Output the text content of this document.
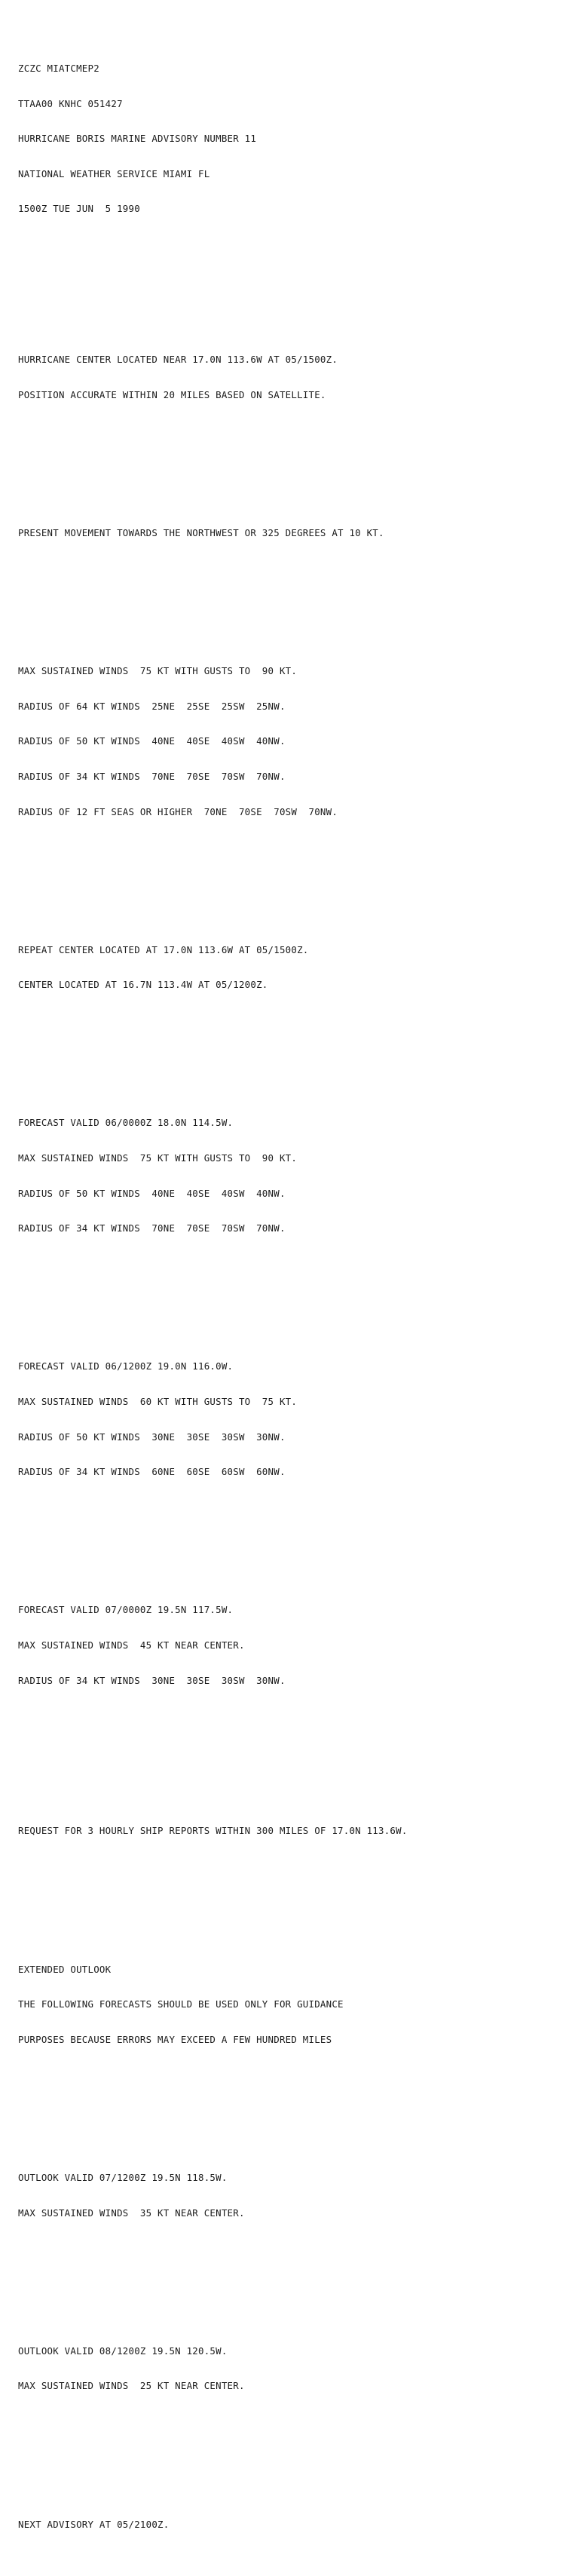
ZCZC MIATCMEP2

TTAA00 KNHC 051427

HURRICANE BORIS MARINE ADVISORY NUMBER 11

NATIONAL WEATHER SERVICE MIAMI FL

1500Z TUE JUN  5 1990

HURRICANE CENTER LOCATED NEAR 17.0N 113.6W AT 05/1500Z.

POSITION ACCURATE WITHIN 20 MILES BASED ON SATELLITE.

PRESENT MOVEMENT TOWARDS THE NORTHWEST OR 325 DEGREES AT 10 KT.

MAX SUSTAINED WINDS  75 KT WITH GUSTS TO  90 KT.

RADIUS OF 64 KT WINDS  25NE  25SE  25SW  25NW.

RADIUS OF 50 KT WINDS  40NE  40SE  40SW  40NW.

RADIUS OF 34 KT WINDS  70NE  70SE  70SW  70NW.

RADIUS OF 12 FT SEAS OR HIGHER  70NE  70SE  70SW  70NW.

REPEAT CENTER LOCATED AT 17.0N 113.6W AT 05/1500Z.

CENTER LOCATED AT 16.7N 113.4W AT 05/1200Z.

FORECAST VALID 06/0000Z 18.0N 114.5W.

MAX SUSTAINED WINDS  75 KT WITH GUSTS TO  90 KT.

RADIUS OF 50 KT WINDS  40NE  40SE  40SW  40NW.

RADIUS OF 34 KT WINDS  70NE  70SE  70SW  70NW.

FORECAST VALID 06/1200Z 19.0N 116.0W.

MAX SUSTAINED WINDS  60 KT WITH GUSTS TO  75 KT.

RADIUS OF 50 KT WINDS  30NE  30SE  30SW  30NW.

RADIUS OF 34 KT WINDS  60NE  60SE  60SW  60NW.

FORECAST VALID 07/0000Z 19.5N 117.5W.

MAX SUSTAINED WINDS  45 KT NEAR CENTER.

RADIUS OF 34 KT WINDS  30NE  30SE  30SW  30NW.

REQUEST FOR 3 HOURLY SHIP REPORTS WITHIN 300 MILES OF 17.0N 113.6W.

EXTENDED OUTLOOK

THE FOLLOWING FORECASTS SHOULD BE USED ONLY FOR GUIDANCE

PURPOSES BECAUSE ERRORS MAY EXCEED A FEW HUNDRED MILES

OUTLOOK VALID 07/1200Z 19.5N 118.5W.

MAX SUSTAINED WINDS  35 KT NEAR CENTER.

OUTLOOK VALID 08/1200Z 19.5N 120.5W.

MAX SUSTAINED WINDS  25 KT NEAR CENTER.

NEXT ADVISORY AT 05/2100Z.
